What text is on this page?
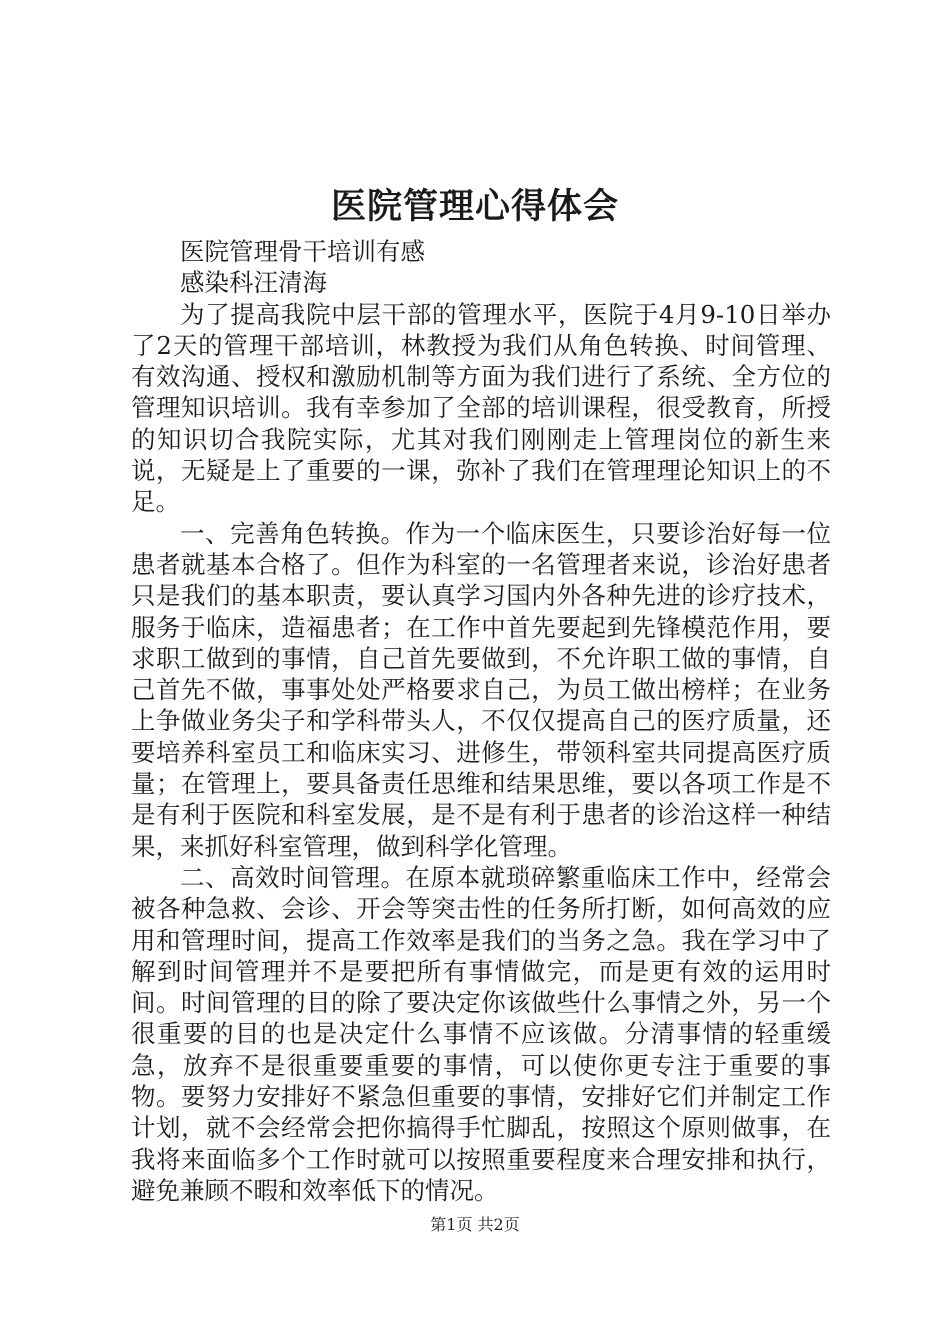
医院管理心得体会

医院管理骨干培训有感

感染科汪清海

为了提高我院中层干部的管理水平，医院于4月9-10日举办了2天的管理干部培训，林教授为我们从角色转换、时间管理、有效沟通、授权和激励机制等方面为我们进行了系统、全方位的管理知识培训。我有幸参加了全部的培训课程，很受教育，所授的知识切合我院实际，尤其对我们刚刚走上管理岗位的新生来说，无疑是上了重要的一课，弥补了我们在管理理论知识上的不足。

一、完善角色转换。作为一个临床医生，只要诊治好每一位患者就基本合格了。但作为科室的一名管理者来说，诊治好患者只是我们的基本职责，要认真学习国内外各种先进的诊疗技术，服务于临床，造福患者；在工作中首先要起到先锋模范作用，要求职工做到的事情，自己首先要做到，不允许职工做的事情，自己首先不做，事事处处严格要求自己，为员工做出榜样；在业务上争做业务尖子和学科带头人，不仅仅提高自己的医疗质量，还要培养科室员工和临床实习、进修生，带领科室共同提高医疗质量；在管理上，要具备责任思维和结果思维，要以各项工作是不是有利于医院和科室发展，是不是有利于患者的诊治这样一种结果，来抓好科室管理，做到科学化管理。

二、高效时间管理。在原本就琐碎繁重临床工作中，经常会被各种急救、会诊、开会等突击性的任务所打断，如何高效的应用和管理时间，提高工作效率是我们的当务之急。我在学习中了解到时间管理并不是要把所有事情做完，而是更有效的运用时间。时间管理的目的除了要决定你该做些什么事情之外，另一个很重要的目的也是决定什么事情不应该做。分清事情的轻重缓急，放弃不是很重要重要的事情，可以使你更专注于重要的事物。要努力安排好不紧急但重要的事情，安排好它们并制定工作计划，就不会经常会把你搞得手忙脚乱，按照这个原则做事，在我将来面临多个工作时就可以按照重要程度来合理安排和执行，避免兼顾不暇和效率低下的情况。

第1页 共2页
